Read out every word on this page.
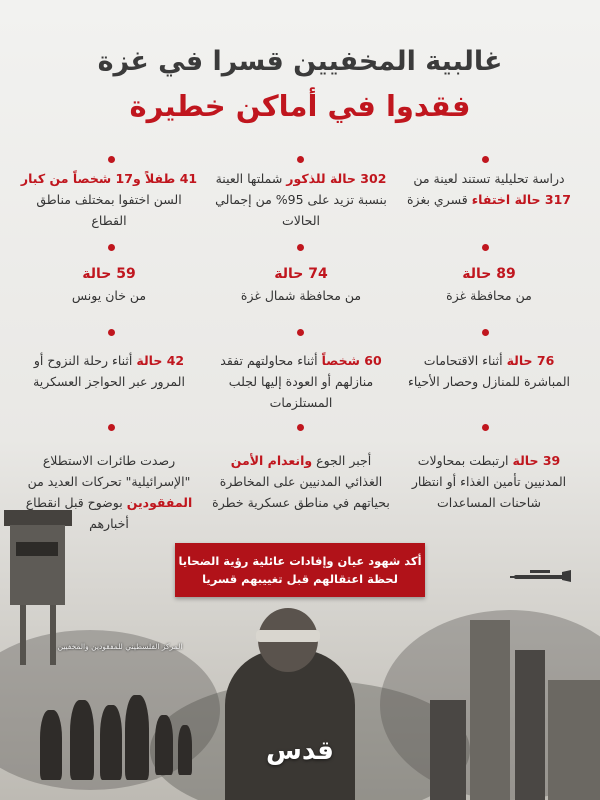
غالبية المخفيين قسرا في غزة
فقدوا في أماكن خطيرة
دراسة تحليلية تستند لعينة من
317 حالة اختفاء قسري بغزة
302 حالة للذكور شملتها العينة بنسبة تزيد على 95% من إجمالي الحالات
41 طفلاً و17 شخصاً من كبار السن اختفوا بمختلف مناطق القطاع
89 حالة
من محافظة غزة
74 حالة
من محافظة شمال غزة
59 حالة
من خان يونس
76 حالة أثناء الاقتحامات المباشرة للمنازل وحصار الأحياء
60 شخصاً أثناء محاولتهم تفقد منازلهم أو العودة إليها لجلب المستلزمات
42 حالة أثناء رحلة النزوح أو المرور عبر الحواجز العسكرية
39 حالة ارتبطت بمحاولات المدنيين تأمين الغذاء أو انتظار شاحنات المساعدات
أجبر الجوع وانعدام الأمن الغذائي المدنيين على المخاطرة بحياتهم في مناطق عسكرية خطرة
رصدت طائرات الاستطلاع "الإسرائيلية" تحركات العديد من المفقودين بوضوح قبل انقطاع أخبارهم
أكد شهود عيان وإفادات عائلية رؤية الضحايا
لحظة اعتقالهم قبل تغييبهم قسريا
المركز الفلسطيني للمفقودين والمخفيين
قدس
